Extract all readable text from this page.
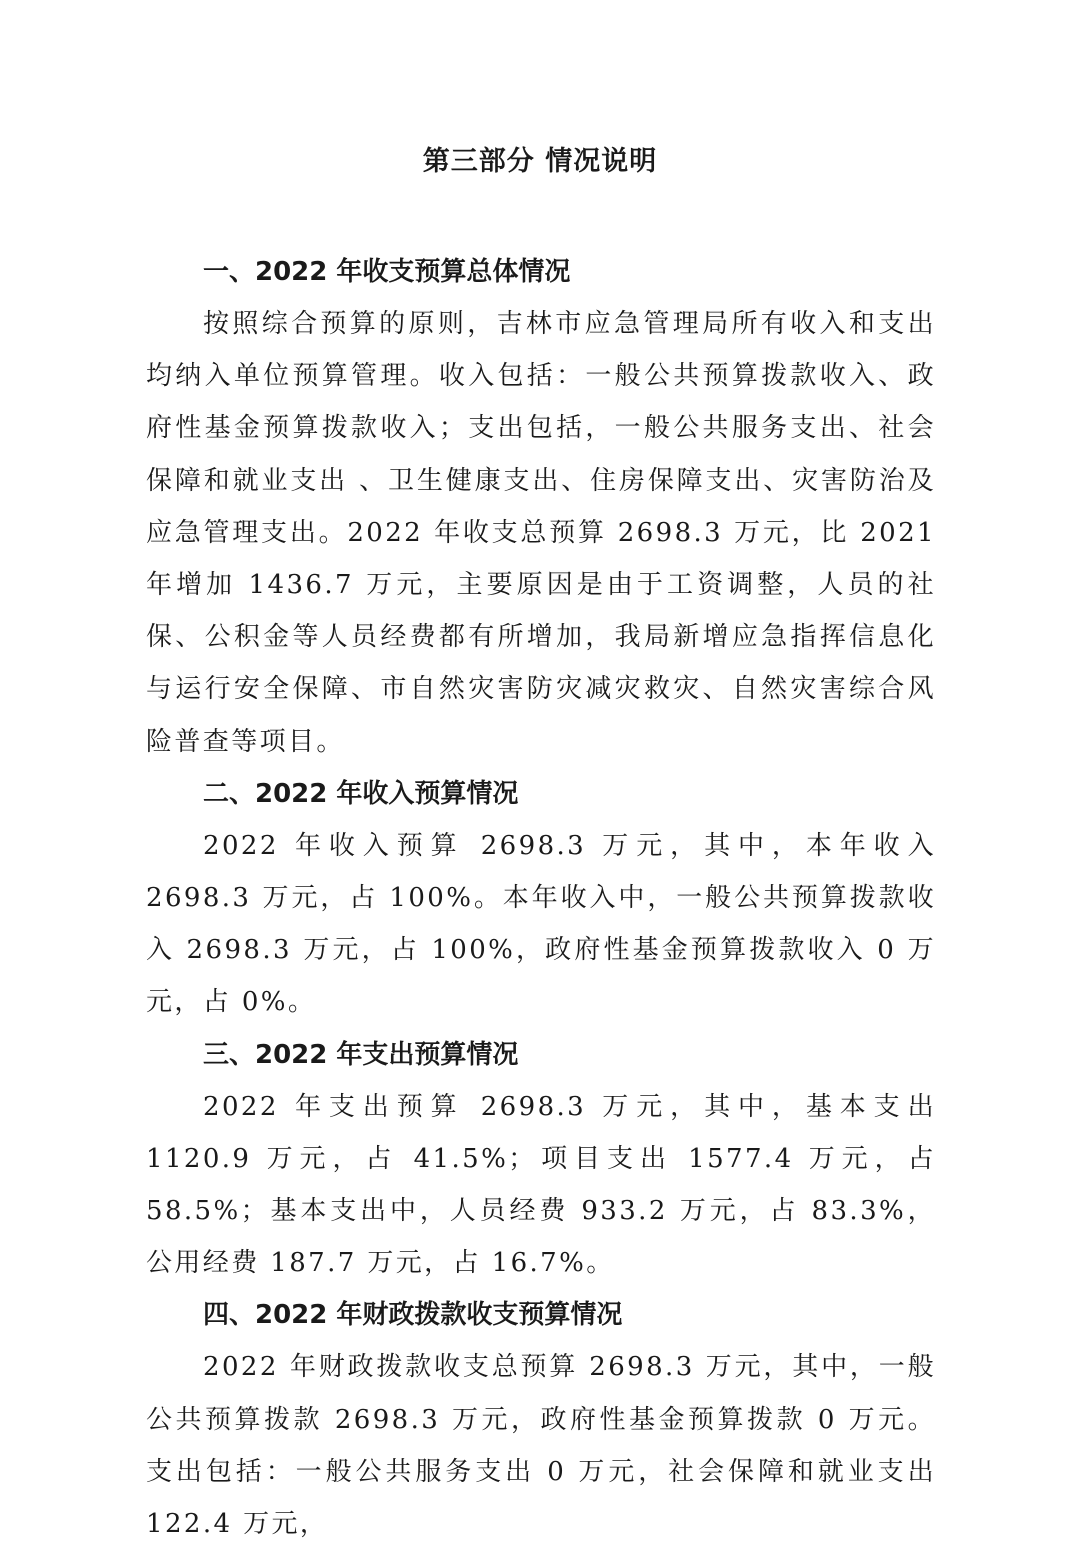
第三部分 情况说明

一、2022 年收支预算总体情况

按照综合预算的原则，吉林市应急管理局所有收入和支出均纳入单位预算管理。收入包括：一般公共预算拨款收入、政府性基金预算拨款收入；支出包括，一般公共服务支出、社会保障和就业支出 、卫生健康支出、住房保障支出、灾害防治及应急管理支出。2022 年收支总预算 2698.3 万元，比 2021 年增加 1436.7 万元，主要原因是由于工资调整，人员的社保、公积金等人员经费都有所增加，我局新增应急指挥信息化与运行安全保障、市自然灾害防灾减灾救灾、自然灾害综合风险普查等项目。

二、2022 年收入预算情况

2022 年收入预算 2698.3 万元，其中，本年收入 2698.3 万元，占 100%。本年收入中，一般公共预算拨款收入 2698.3 万元，占 100%，政府性基金预算拨款收入 0 万元，占 0%。

三、2022 年支出预算情况

2022 年支出预算 2698.3 万元，其中，基本支出 1120.9 万元，占 41.5%；项目支出 1577.4 万元，占 58.5%；基本支出中，人员经费 933.2 万元，占 83.3%，公用经费 187.7 万元，占 16.7%。

四、2022 年财政拨款收支预算情况

2022 年财政拨款收支总预算 2698.3 万元，其中，一般公共预算拨款 2698.3 万元，政府性基金预算拨款 0 万元。支出包括：一般公共服务支出 0 万元，社会保障和就业支出 122.4 万元，
